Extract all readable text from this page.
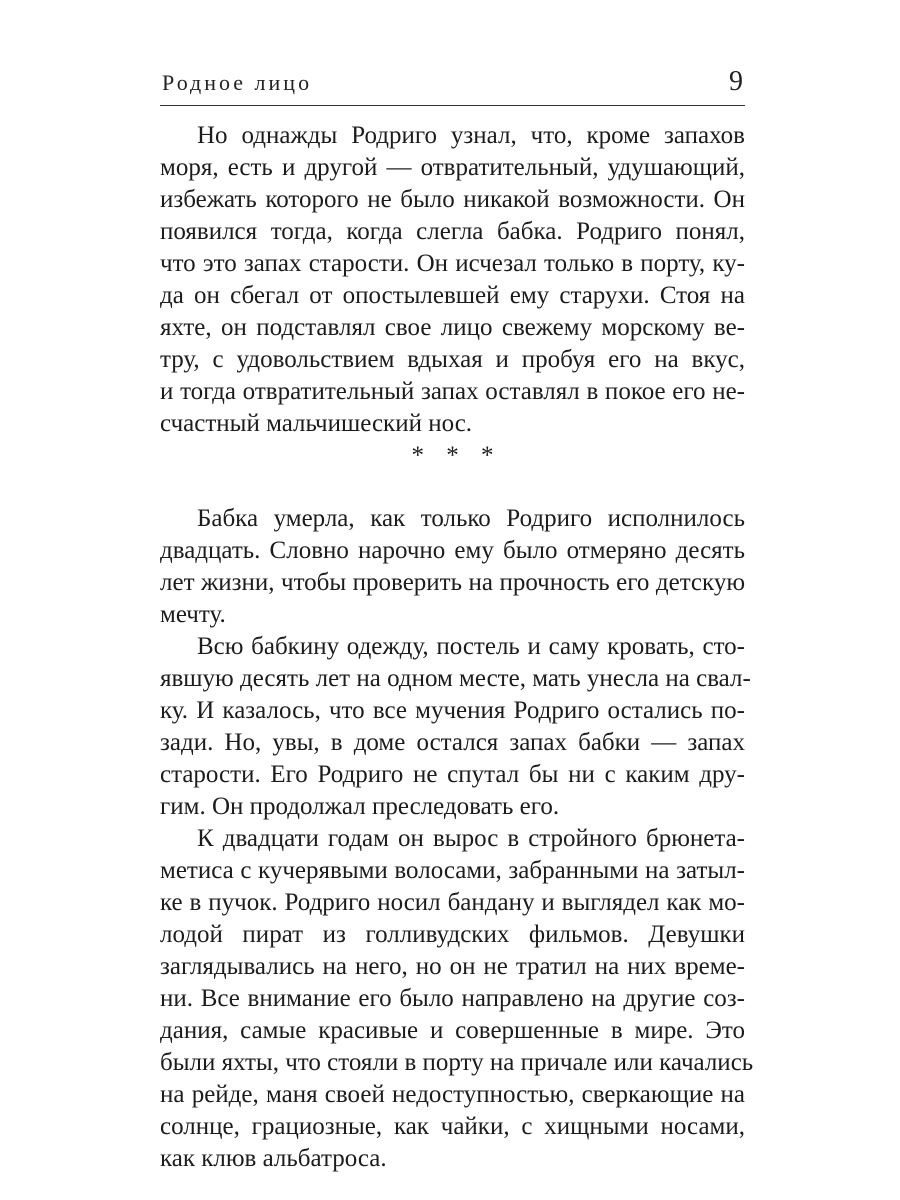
Родное лицо	9
Но однажды Родриго узнал, что, кроме запахов
моря, есть и другой — отвратительный, удушающий,
избежать которого не было никакой возможности. Он
появился тогда, когда слегла бабка. Родриго понял,
что это запах старости. Он исчезал только в порту, ку-
да он сбегал от опостылевшей ему старухи. Стоя на
яхте, он подставлял свое лицо свежему морскому ве-
тру, с удовольствием вдыхая и пробуя его на вкус,
и тогда отвратительный запах оставлял в покое его не-
счастный мальчишеский нос.
* * *
Бабка умерла, как только Родриго исполнилось
двадцать. Словно нарочно ему было отмеряно десять
лет жизни, чтобы проверить на прочность его детскую
мечту.
Всю бабкину одежду, постель и саму кровать, сто-
явшую десять лет на одном месте, мать унесла на свал-
ку. И казалось, что все мучения Родриго остались по-
зади. Но, увы, в доме остался запах бабки — запах
старости. Его Родриго не спутал бы ни с каким дру-
гим. Он продолжал преследовать его.
К двадцати годам он вырос в стройного брюнета-
метиса с кучерявыми волосами, забранными на затыл-
ке в пучок. Родриго носил бандану и выглядел как мо-
лодой пират из голливудских фильмов. Девушки
заглядывались на него, но он не тратил на них време-
ни. Все внимание его было направлено на другие соз-
дания, самые красивые и совершенные в мире. Это
были яхты, что стояли в порту на причале или качались
на рейде, маня своей недоступностью, сверкающие на
солнце, грациозные, как чайки, с хищными носами,
как клюв альбатроса.
